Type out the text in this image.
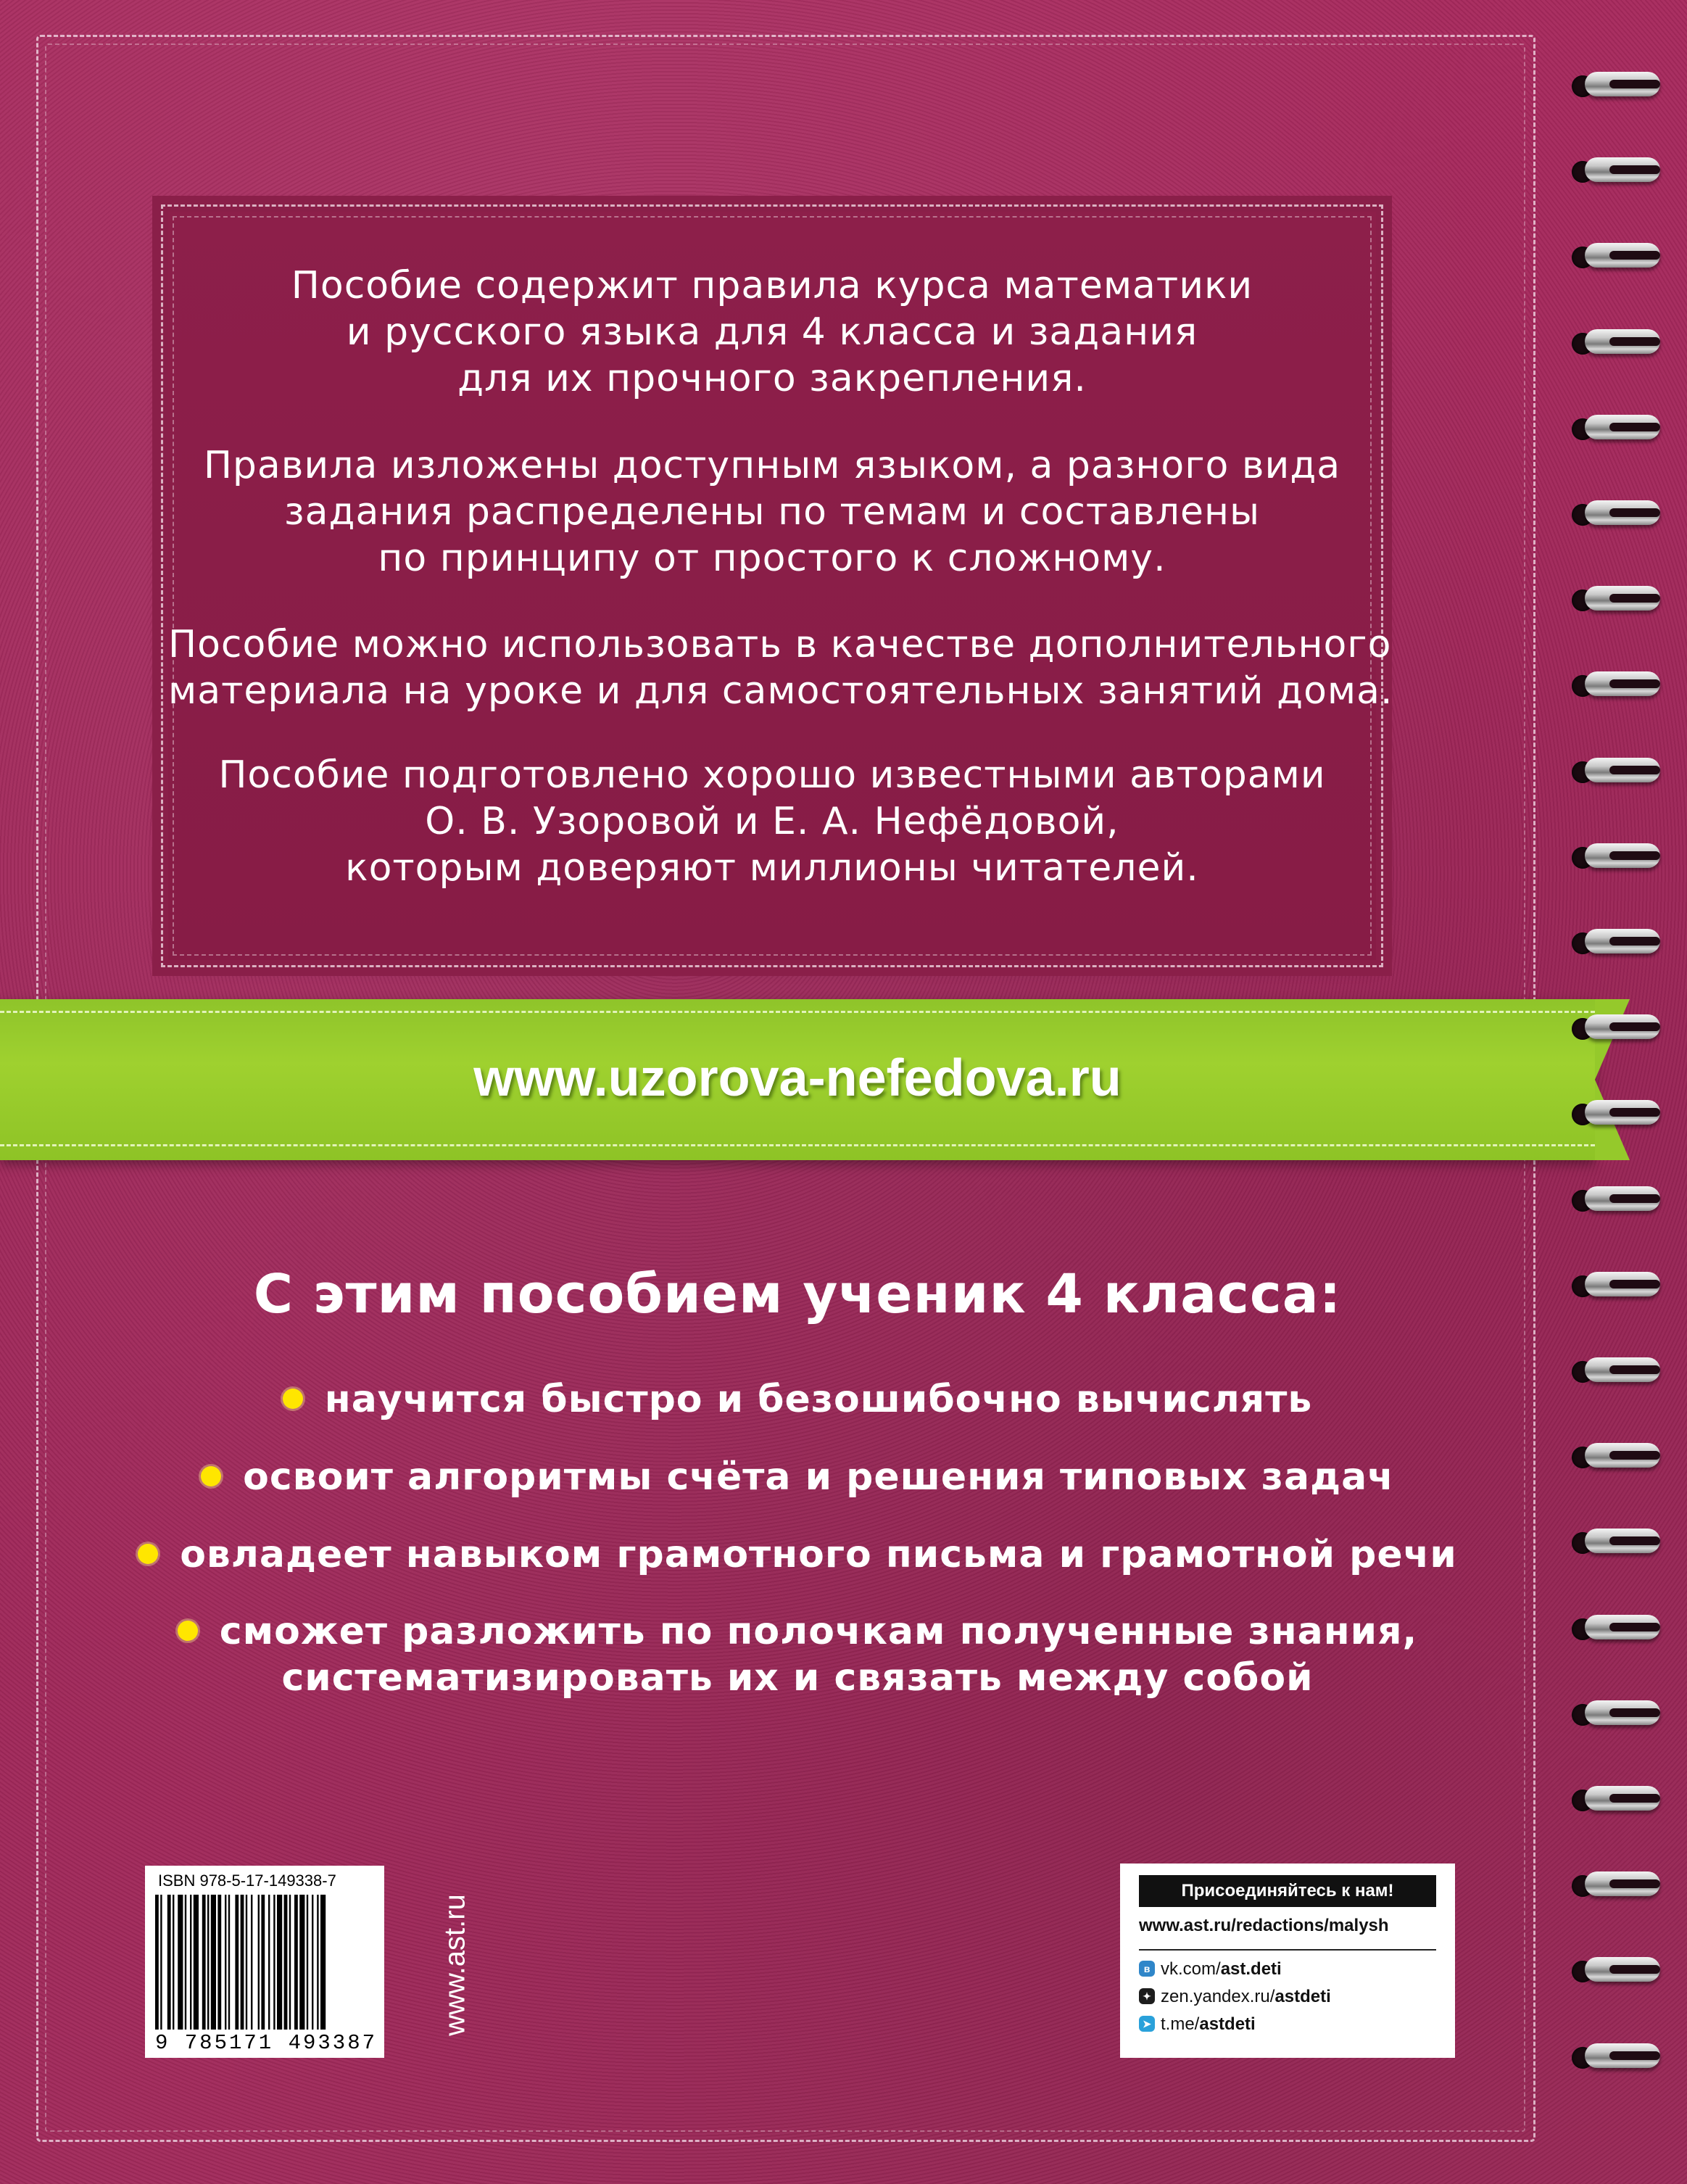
Пособие содержит правила курса математики
и русского языка для 4 класса и задания
для их прочного закрепления.
Правила изложены доступным языком, а разного вида
задания распределены по темам и составлены
по принципу от простого к сложному.
Пособие можно использовать в качестве дополнительного
материала на уроке и для самостоятельных занятий дома.
Пособие подготовлено хорошо известными авторами
О. В. Узоровой и Е. А. Нефёдовой,
которым доверяют миллионы читателей.
www.uzorova-nefedova.ru
С этим пособием ученик 4 класса:
научится быстро и безошибочно вычислять
освоит алгоритмы счёта и решения типовых задач
овладеет навыком грамотного письма и грамотной речи
сможет разложить по полочкам полученные знания,
систематизировать их и связать между собой
ISBN 978-5-17-149338-7
9 785171 493387
www.ast.ru
Присоединяйтесь к нам!
www.ast.ru/redactions/malysh
в vk.com/ast.deti
✦ zen.yandex.ru/astdeti
➤ t.me/astdeti
